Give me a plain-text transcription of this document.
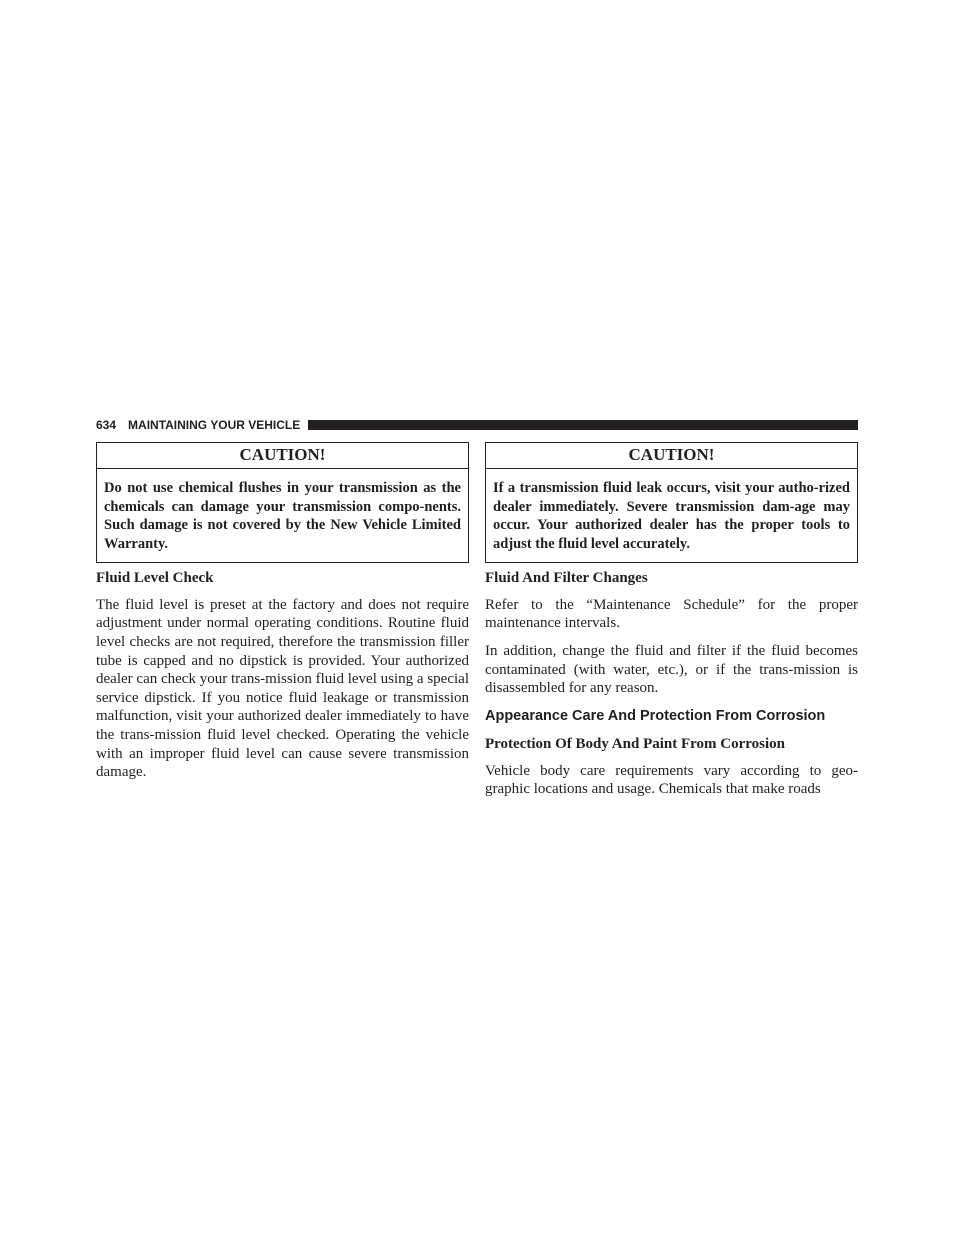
634 MAINTAINING YOUR VEHICLE
CAUTION!
Do not use chemical flushes in your transmission as the chemicals can damage your transmission compo-nents. Such damage is not covered by the New Vehicle Limited Warranty.
Fluid Level Check

The fluid level is preset at the factory and does not require adjustment under normal operating conditions. Routine fluid level checks are not required, therefore the transmission filler tube is capped and no dipstick is provided. Your authorized dealer can check your trans-mission fluid level using a special service dipstick. If you notice fluid leakage or transmission malfunction, visit your authorized dealer immediately to have the trans-mission fluid level checked. Operating the vehicle with an improper fluid level can cause severe transmission damage.

CAUTION!
If a transmission fluid leak occurs, visit your autho-rized dealer immediately. Severe transmission dam-age may occur. Your authorized dealer has the proper tools to adjust the fluid level accurately.
Fluid And Filter Changes

Refer to the “Maintenance Schedule” for the proper maintenance intervals.

In addition, change the fluid and filter if the fluid becomes contaminated (with water, etc.), or if the trans-mission is disassembled for any reason.

Appearance Care And Protection From Corrosion
Protection Of Body And Paint From Corrosion

Vehicle body care requirements vary according to geo-graphic locations and usage. Chemicals that make roads
